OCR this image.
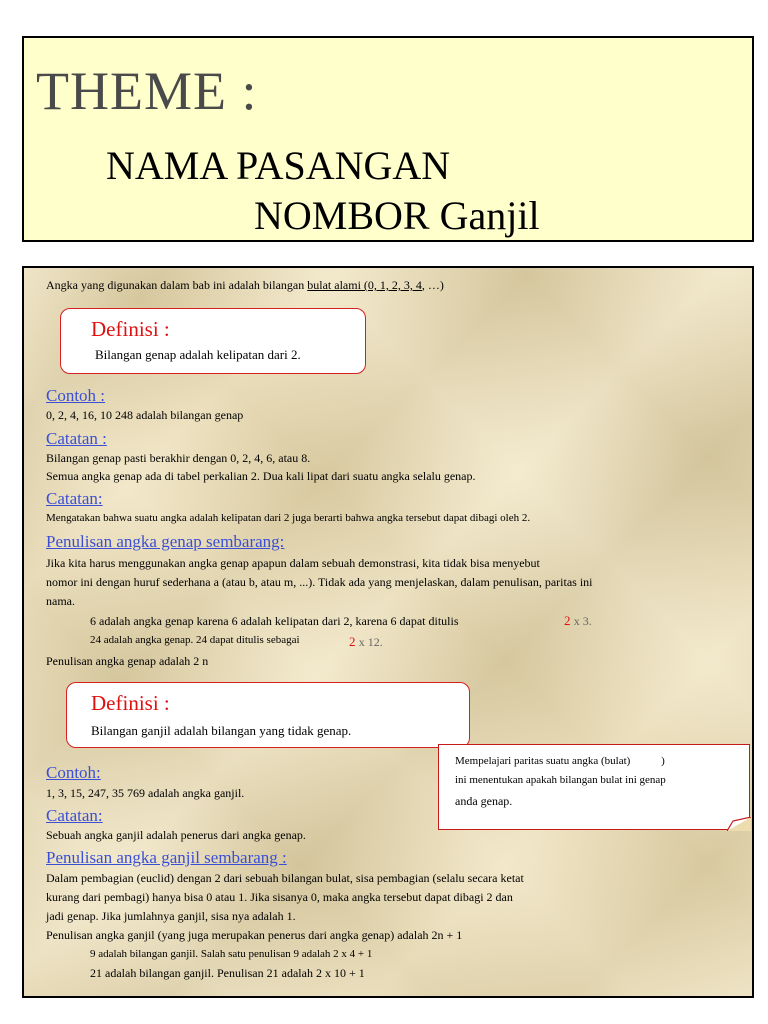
THEME :
NAMA PASANGAN
NOMBOR Ganjil
Angka yang digunakan dalam bab ini adalah bilangan bulat alami (0, 1, 2, 3, 4, …)
Definisi :
Bilangan genap adalah kelipatan dari 2.
Contoh :
0, 2, 4, 16, 10 248 adalah bilangan genap
Catatan :
Bilangan genap pasti berakhir dengan 0, 2, 4, 6, atau 8.
Semua angka genap ada di tabel perkalian 2. Dua kali lipat dari suatu angka selalu genap.
Catatan:
Mengatakan bahwa suatu angka adalah kelipatan dari 2 juga berarti bahwa angka tersebut dapat dibagi oleh 2.
Penulisan angka genap sembarang:
Jika kita harus menggunakan angka genap apapun dalam sebuah demonstrasi, kita tidak bisa menyebut
nomor ini dengan huruf sederhana a (atau b, atau m, ...). Tidak ada yang menjelaskan, dalam penulisan, paritas ini
nama.
6 adalah angka genap karena 6 adalah kelipatan dari 2, karena 6 dapat ditulis	2 x 3.
24 adalah angka genap. 24 dapat ditulis sebagai	2 x 12.
Penulisan angka genap adalah 2 n
Definisi :
Bilangan ganjil adalah bilangan yang tidak genap.
Mempelajari paritas suatu angka (bulat)	)
ini menentukan apakah bilangan bulat ini genap
anda genap.
Contoh:
1, 3, 15, 247, 35 769 adalah angka ganjil.
Catatan:
Sebuah angka ganjil adalah penerus dari angka genap.
Penulisan angka ganjil sembarang :
Dalam pembagian (euclid) dengan 2 dari sebuah bilangan bulat, sisa pembagian (selalu secara ketat
kurang dari pembagi) hanya bisa 0 atau 1. Jika sisanya 0, maka angka tersebut dapat dibagi 2 dan
jadi genap. Jika jumlahnya ganjil, sisa nya adalah 1.
Penulisan angka ganjil (yang juga merupakan penerus dari angka genap) adalah 2n + 1
9 adalah bilangan ganjil. Salah satu penulisan 9 adalah 2 x 4 + 1
21 adalah bilangan ganjil. Penulisan 21 adalah 2 x 10 + 1
